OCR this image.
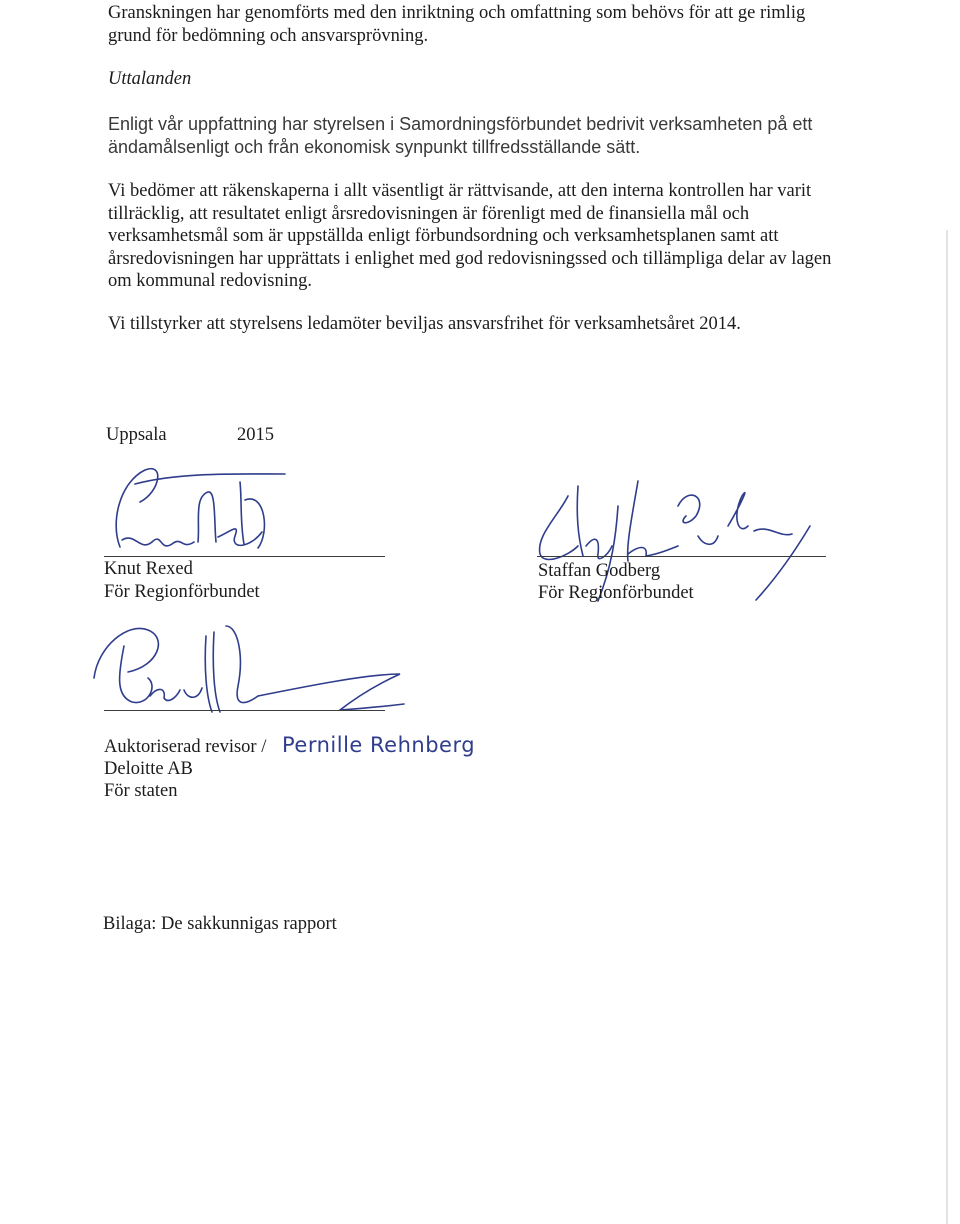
Granskningen har genomförts med den inriktning och omfattning som behövs för att ge rimlig grund för bedömning och ansvarsprövning.

Uttalanden

Enligt vår uppfattning har styrelsen i Samordningsförbundet bedrivit verksamheten på ett ändamålsenligt och från ekonomisk synpunkt tillfredsställande sätt.

Vi bedömer att räkenskaperna i allt väsentligt är rättvisande, att den interna kontrollen har varit tillräcklig, att resultatet enligt årsredovisningen är förenligt med de finansiella mål och verksamhetsmål som är uppställda enligt förbundsordning och verksamhetsplanen samt att årsredovisningen har upprättats i enlighet med god redovisningssed och tillämpliga delar av lagen om kommunal redovisning.

Vi tillstyrker att styrelsens ledamöter beviljas ansvarsfrihet för verksamhetsåret 2014.

Uppsala	2015
Knut Rexed
För Regionförbundet
Staffan Godberg
För Regionförbundet
Auktoriserad revisor / Pernille Rehnberg
Deloitte AB
För staten
Bilaga: De sakkunnigas rapport
